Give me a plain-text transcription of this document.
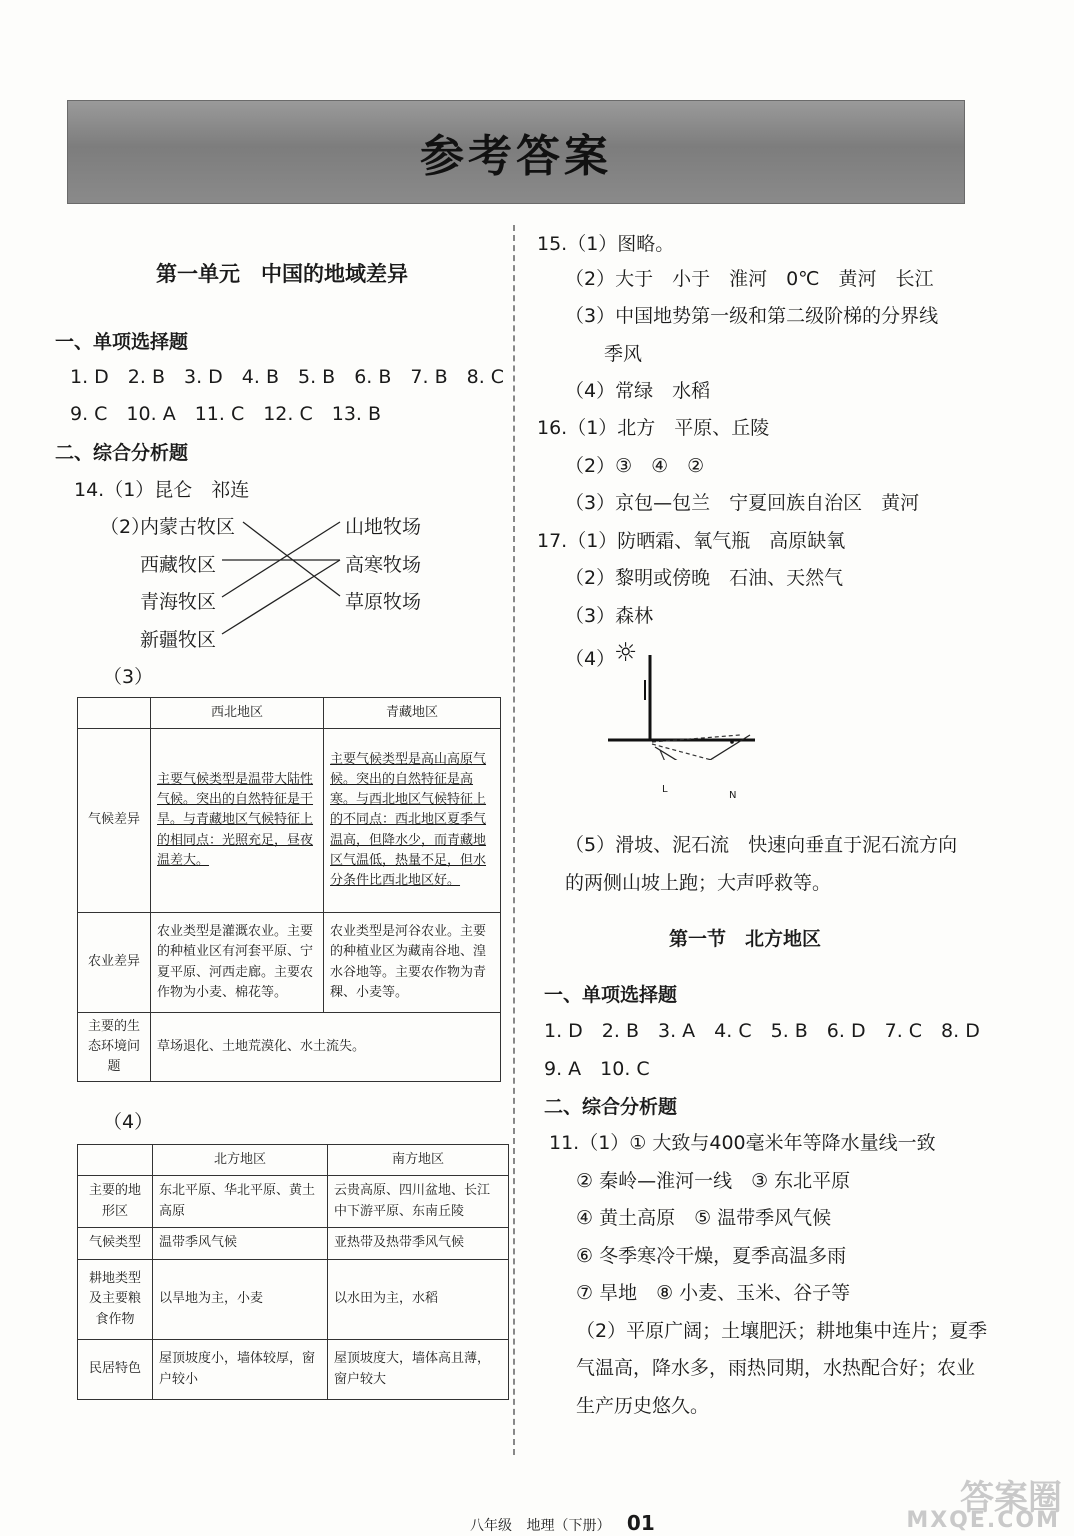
参考答案
第一单元　中国的地域差异
一、单项选择题
1. D　2. B　3. D　4. B　5. B　6. B　7. B　8. C
9. C　10. A　11. C　12. C　13. B
二、综合分析题
14.（1）昆仑　祁连
（2）
内蒙古牧区
西藏牧区
青海牧区
新疆牧区
山地牧场
高寒牧场
草原牧场
（3）
	西北地区	青藏地区
气候差异	主要气候类型是温带大陆性气候。突出的自然特征是干旱。与青藏地区气候特征上的相同点：光照充足，昼夜温差大。	主要气候类型是高山高原气候。突出的自然特征是高寒。与西北地区气候特征上的不同点：西北地区夏季气温高，但降水少，而青藏地区气温低，热量不足，但水分条件比西北地区好。
农业差异	农业类型是灌溉农业。主要的种植业区有河套平原、宁夏平原、河西走廊。主要农作物为小麦、棉花等。	农业类型是河谷农业。主要的种植业区为藏南谷地、湟水谷地等。主要农作物为青稞、小麦等。
主要的生态环境问题	草场退化、土地荒漠化、水土流失。	
（4）
	北方地区	南方地区
主要的地形区	东北平原、华北平原、黄土高原	云贵高原、四川盆地、长江中下游平原、东南丘陵
气候类型	温带季风气候	亚热带及热带季风气候
耕地类型及主要粮食作物	以旱地为主，小麦	以水田为主，水稻
民居特色	屋顶坡度小，墙体较厚，窗户较小	屋顶坡度大，墙体高且薄，窗户较大
15.（1）图略。
（2）大于　小于　淮河　0℃　黄河　长江
（3）中国地势第一级和第二级阶梯的分界线
季风
（4）常绿　水稻
16.（1）北方　平原、丘陵
（2）③　④　②
（3）京包—包兰　宁夏回族自治区　黄河
17.（1）防晒霜、氧气瓶　高原缺氧
（2）黎明或傍晚　石油、天然气
（3）森林
（4）
☼
L
N
（5）滑坡、泥石流　快速向垂直于泥石流方向
的两侧山坡上跑；大声呼救等。
第一节　北方地区
一、单项选择题
1. D　2. B　3. A　4. C　5. B　6. D　7. C　8. D
9. A　10. C
二、综合分析题
11.（1）① 大致与400毫米年等降水量线一致
② 秦岭—淮河一线　③ 东北平原
④ 黄土高原　⑤ 温带季风气候
⑥ 冬季寒冷干燥，夏季高温多雨
⑦ 旱地　⑧ 小麦、玉米、谷子等
（2）平原广阔；土壤肥沃；耕地集中连片；夏季
气温高，降水多，雨热同期，水热配合好；农业
生产历史悠久。
八年级 地理（下册） 01
答案圈
MXQE.COM
